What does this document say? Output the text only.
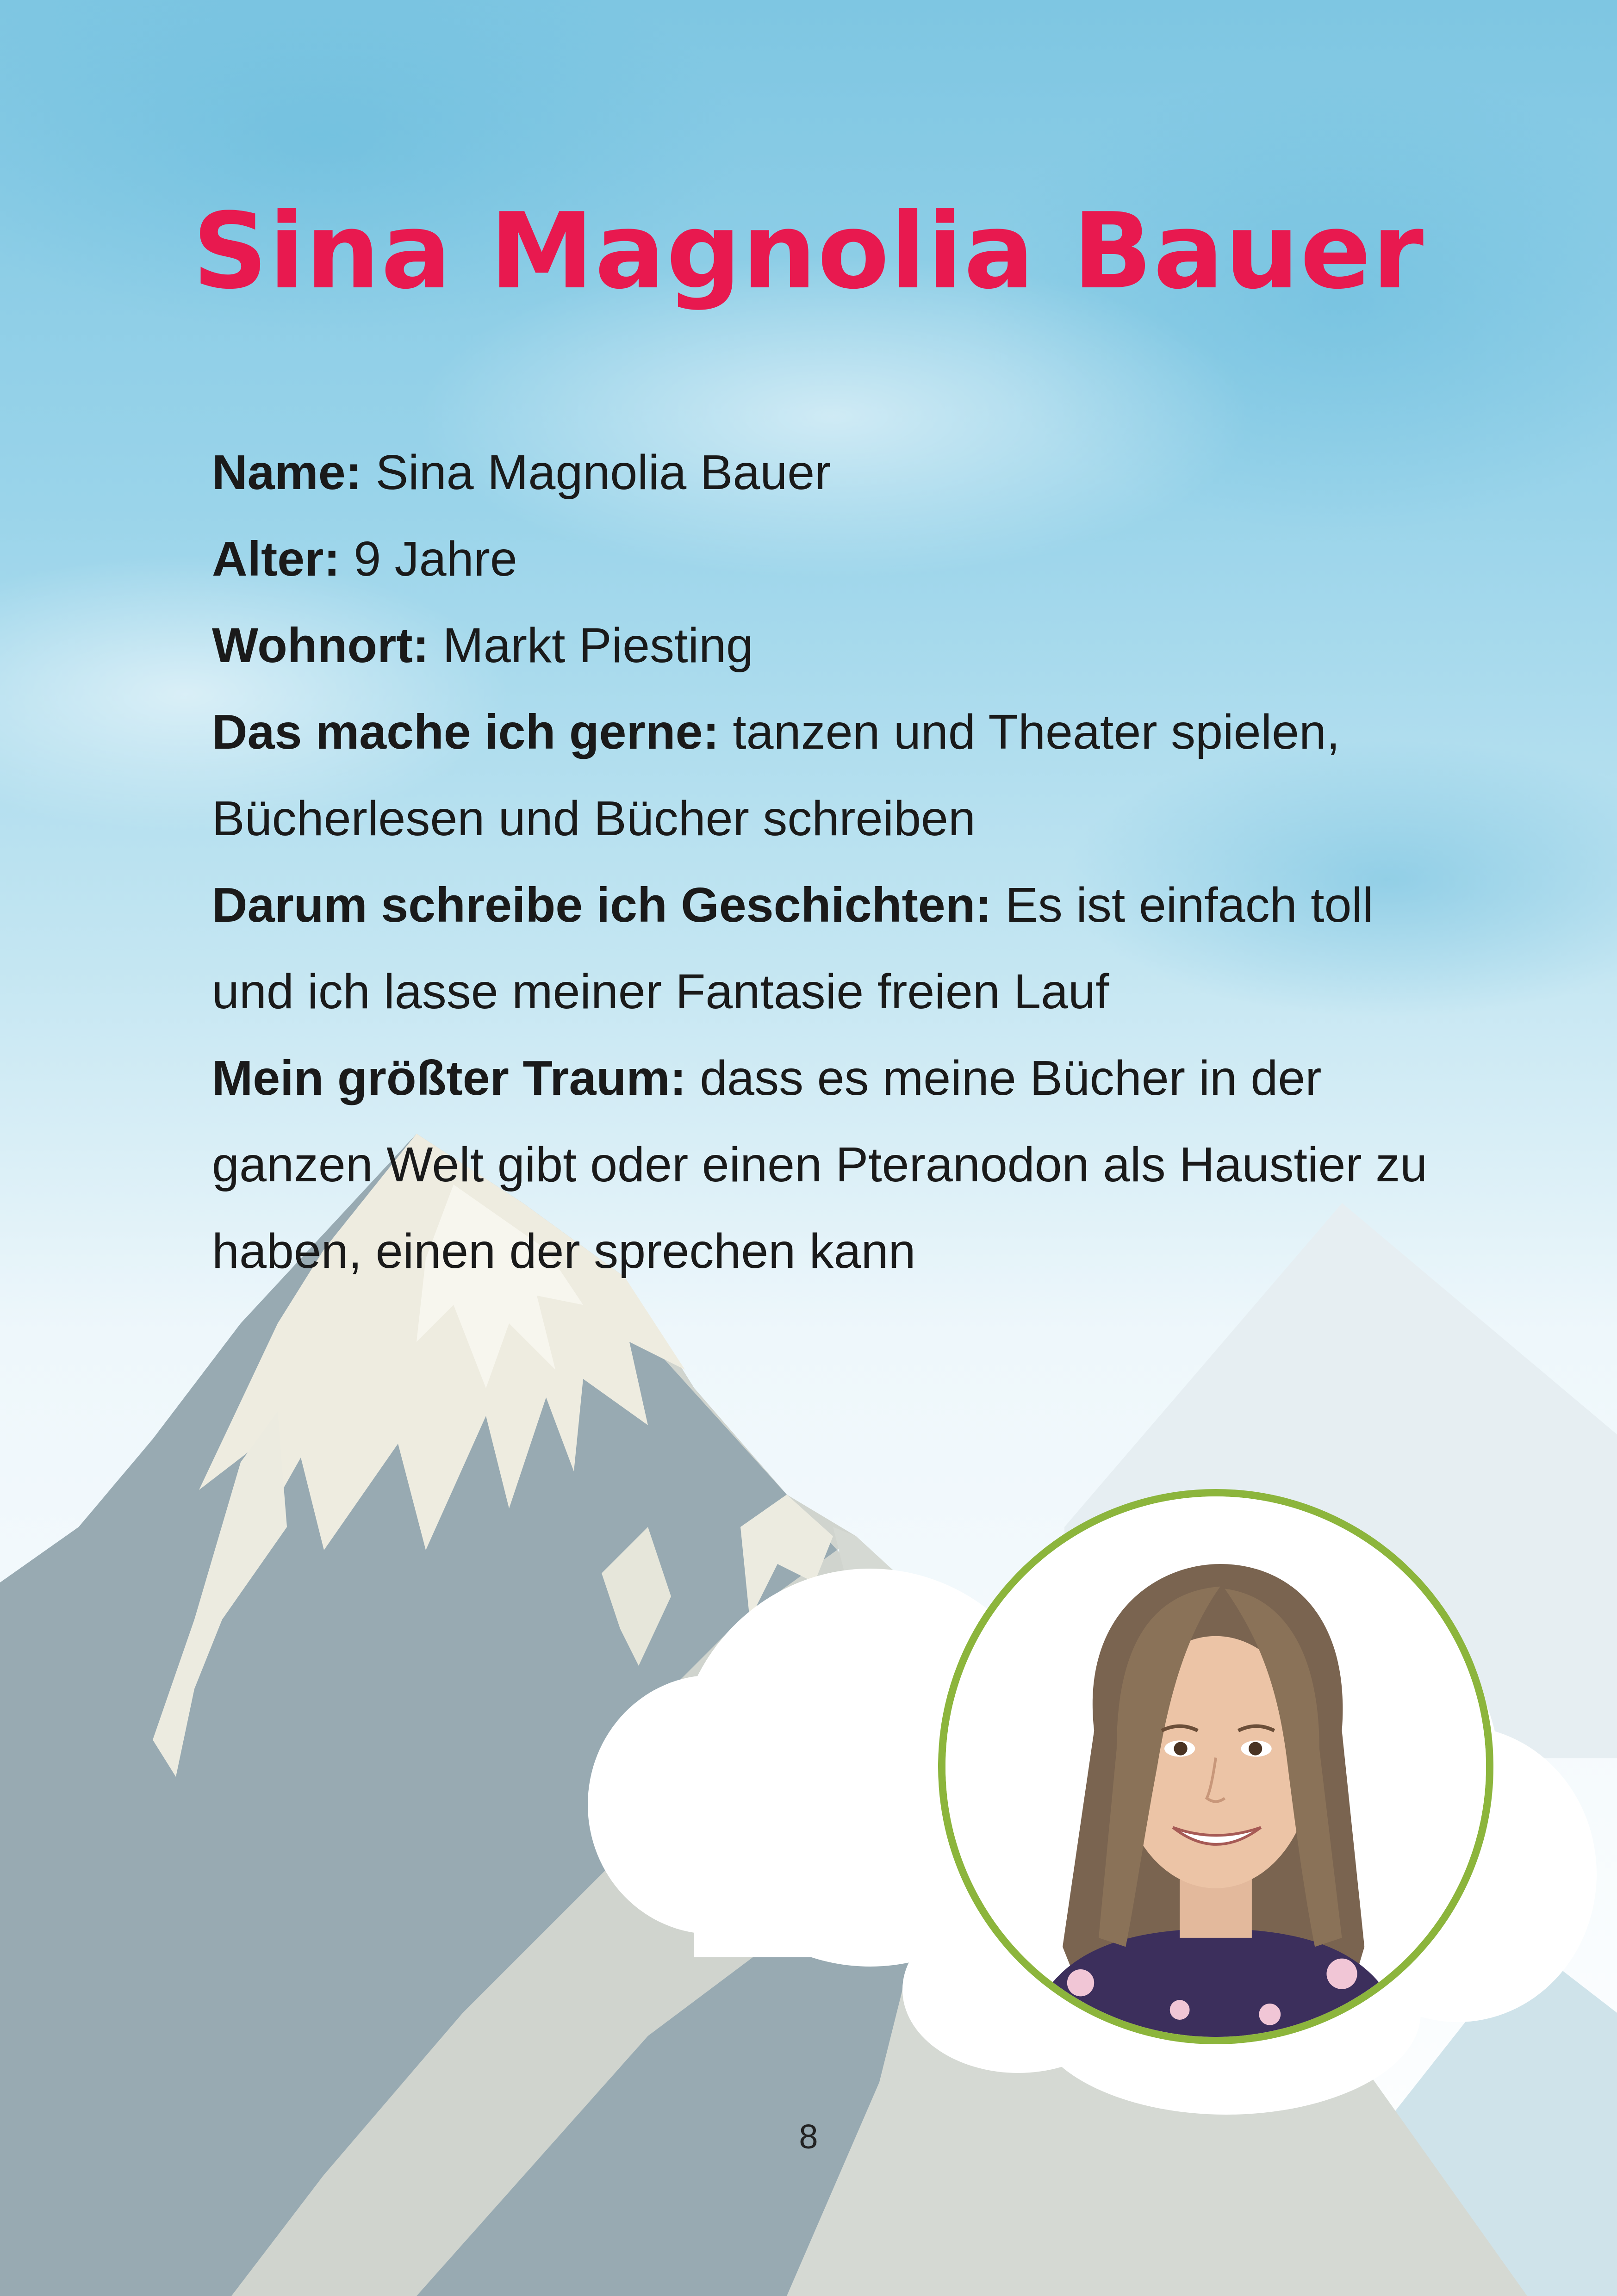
Sina Magnolia Bauer

Name: Sina Magnolia Bauer

Alter: 9 Jahre

Wohnort: Markt Piesting

Das mache ich gerne: tanzen und Theater spielen, Bücherlesen und Bücher schreiben

Darum schreibe ich Geschichten: Es ist einfach toll und ich lasse meiner Fantasie freien Lauf

Mein größter Traum: dass es meine Bücher in der ganzen Welt gibt oder einen Pteranodon als Haustier zu haben, einen der sprechen kann

8
